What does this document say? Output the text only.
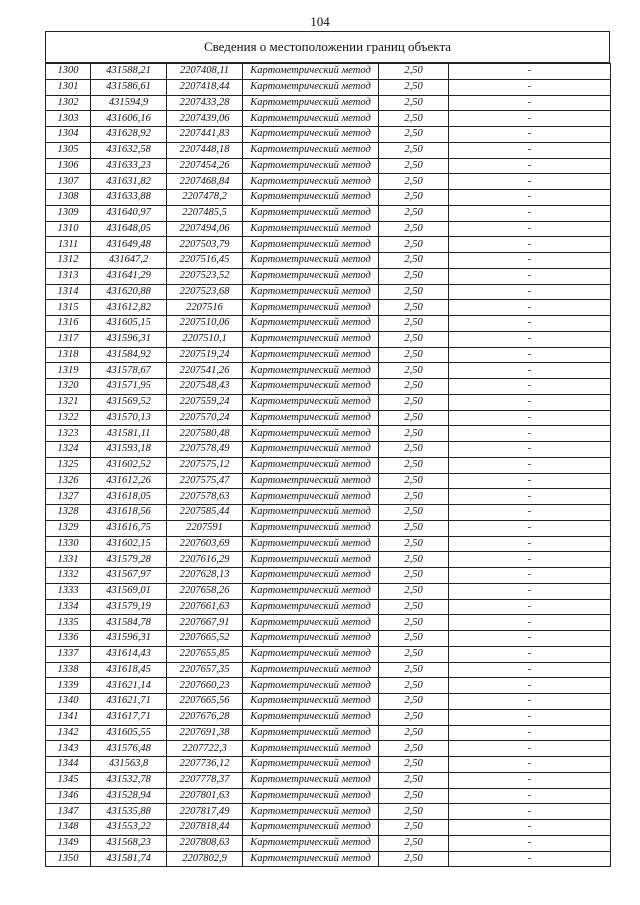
104
Сведения о местоположении границ объекта
1300	431588,21	2207408,11	Картометрический метод	2,50	-
1301	431586,61	2207418,44	Картометрический метод	2,50	-
1302	431594,9	2207433,28	Картометрический метод	2,50	-
1303	431606,16	2207439,06	Картометрический метод	2,50	-
1304	431628,92	2207441,83	Картометрический метод	2,50	-
1305	431632,58	2207448,18	Картометрический метод	2,50	-
1306	431633,23	2207454,26	Картометрический метод	2,50	-
1307	431631,82	2207468,84	Картометрический метод	2,50	-
1308	431633,88	2207478,2	Картометрический метод	2,50	-
1309	431640,97	2207485,5	Картометрический метод	2,50	-
1310	431648,05	2207494,06	Картометрический метод	2,50	-
1311	431649,48	2207503,79	Картометрический метод	2,50	-
1312	431647,2	2207516,45	Картометрический метод	2,50	-
1313	431641,29	2207523,52	Картометрический метод	2,50	-
1314	431620,88	2207523,68	Картометрический метод	2,50	-
1315	431612,82	2207516	Картометрический метод	2,50	-
1316	431605,15	2207510,06	Картометрический метод	2,50	-
1317	431596,31	2207510,1	Картометрический метод	2,50	-
1318	431584,92	2207519,24	Картометрический метод	2,50	-
1319	431578,67	2207541,26	Картометрический метод	2,50	-
1320	431571,95	2207548,43	Картометрический метод	2,50	-
1321	431569,52	2207559,24	Картометрический метод	2,50	-
1322	431570,13	2207570,24	Картометрический метод	2,50	-
1323	431581,11	2207580,48	Картометрический метод	2,50	-
1324	431593,18	2207578,49	Картометрический метод	2,50	-
1325	431602,52	2207575,12	Картометрический метод	2,50	-
1326	431612,26	2207575,47	Картометрический метод	2,50	-
1327	431618,05	2207578,63	Картометрический метод	2,50	-
1328	431618,56	2207585,44	Картометрический метод	2,50	-
1329	431616,75	2207591	Картометрический метод	2,50	-
1330	431602,15	2207603,69	Картометрический метод	2,50	-
1331	431579,28	2207616,29	Картометрический метод	2,50	-
1332	431567,97	2207628,13	Картометрический метод	2,50	-
1333	431569,01	2207658,26	Картометрический метод	2,50	-
1334	431579,19	2207661,63	Картометрический метод	2,50	-
1335	431584,78	2207667,91	Картометрический метод	2,50	-
1336	431596,31	2207665,52	Картометрический метод	2,50	-
1337	431614,43	2207655,85	Картометрический метод	2,50	-
1338	431618,45	2207657,35	Картометрический метод	2,50	-
1339	431621,14	2207660,23	Картометрический метод	2,50	-
1340	431621,71	2207665,56	Картометрический метод	2,50	-
1341	431617,71	2207676,28	Картометрический метод	2,50	-
1342	431605,55	2207691,38	Картометрический метод	2,50	-
1343	431576,48	2207722,3	Картометрический метод	2,50	-
1344	431563,8	2207736,12	Картометрический метод	2,50	-
1345	431532,78	2207778,37	Картометрический метод	2,50	-
1346	431528,94	2207801,63	Картометрический метод	2,50	-
1347	431535,88	2207817,49	Картометрический метод	2,50	-
1348	431553,22	2207818,44	Картометрический метод	2,50	-
1349	431568,23	2207808,63	Картометрический метод	2,50	-
1350	431581,74	2207802,9	Картометрический метод	2,50	-
